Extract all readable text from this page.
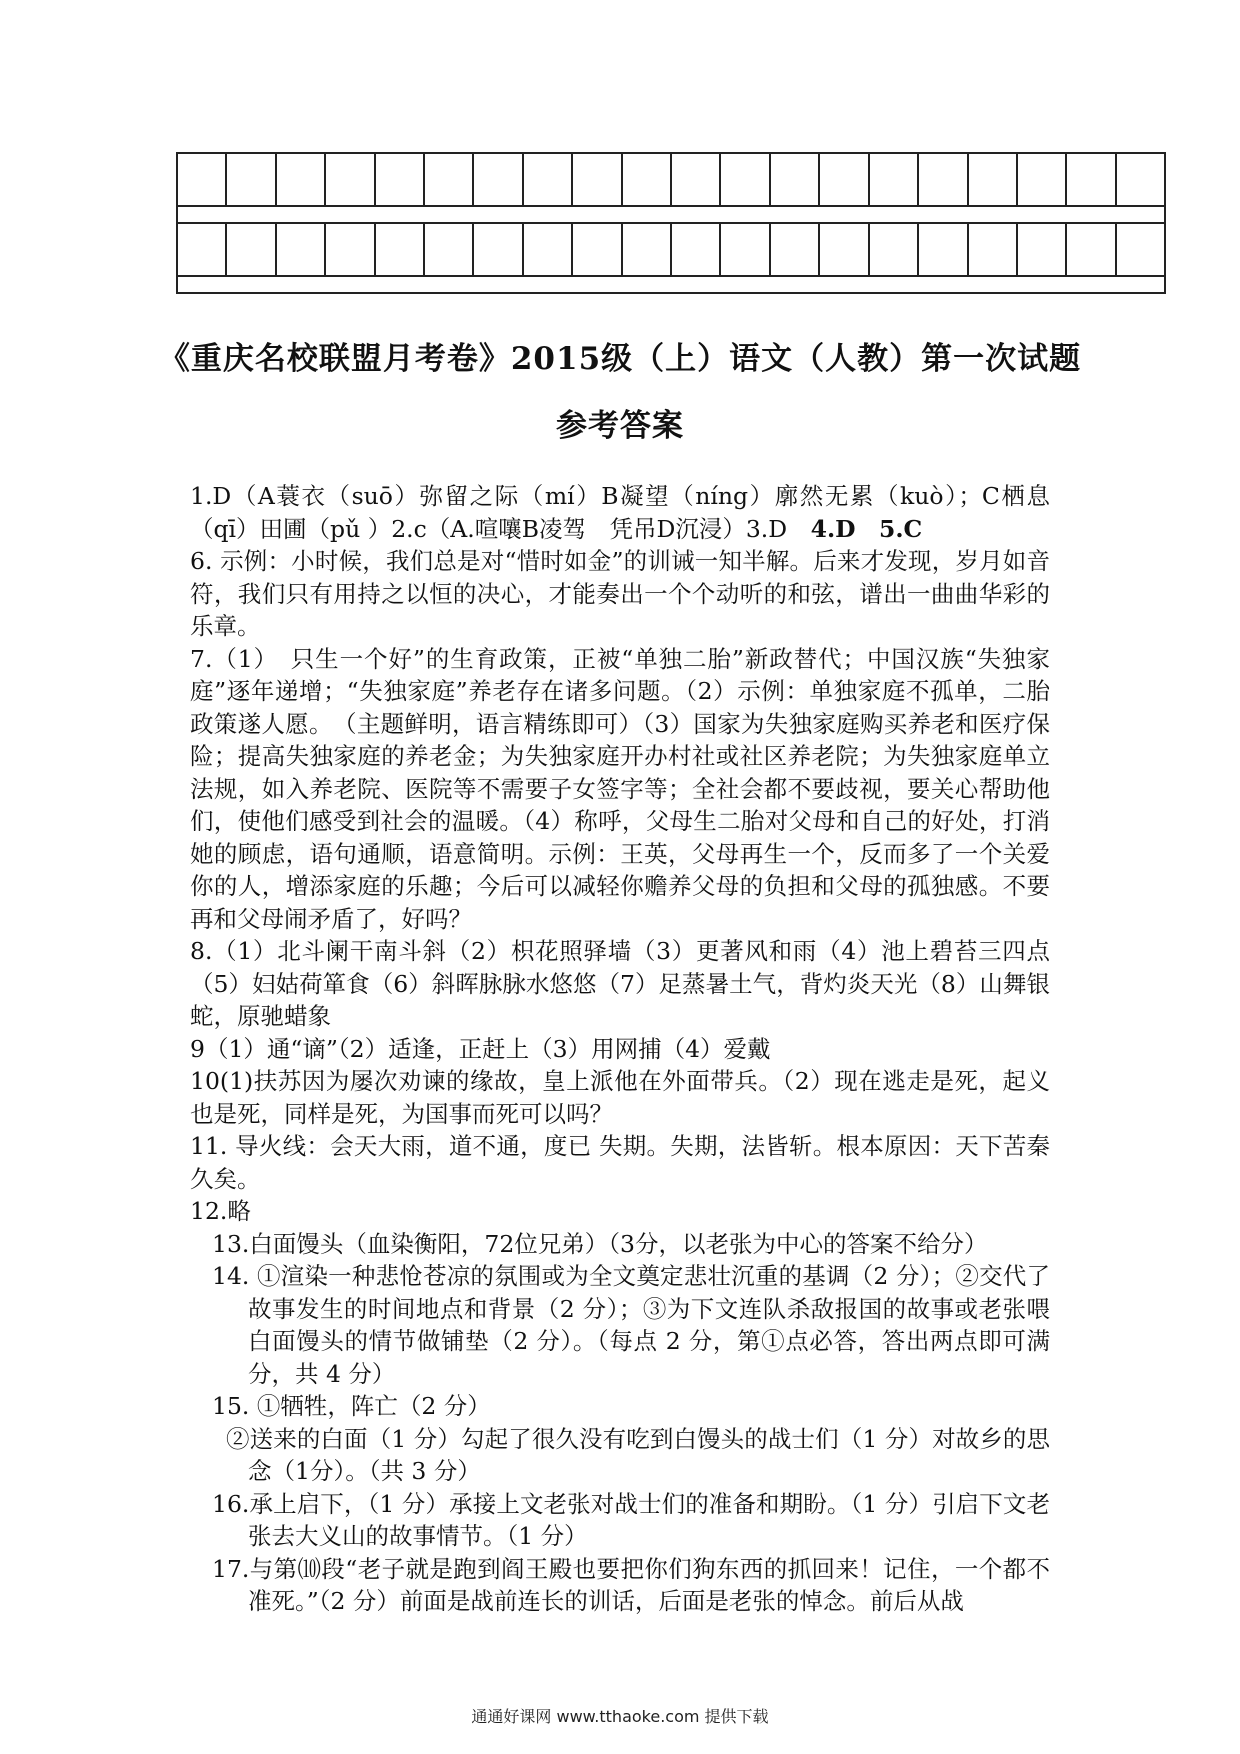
《重庆名校联盟月考卷》2015级（上）语文（人教）第一次试题
参考答案

1.D（A蓑衣（suō）弥留之际（mí）B凝望（níng）廓然无累（kuò）；C栖息（qī）田圃（pǔ ）2.c（A.喧嚷B凌驾　凭吊D沉浸）3.D　4.D　5.C

6. 示例：小时候，我们总是对“惜时如金”的训诫一知半解。后来才发现，岁月如音符，我们只有用持之以恒的决心，才能奏出一个个动听的和弦，谱出一曲曲华彩的乐章。

7.（1）　只生一个好”的生育政策，正被“单独二胎”新政替代；中国汉族“失独家庭”逐年递增；“失独家庭”养老存在诸多问题。（2）示例：单独家庭不孤单，二胎政策遂人愿。　（主题鲜明，语言精练即可）（3）国家为失独家庭购买养老和医疗保险；提高失独家庭的养老金；为失独家庭开办村社或社区养老院；为失独家庭单立法规，如入养老院、医院等不需要子女签字等；全社会都不要歧视，要关心帮助他们，使他们感受到社会的温暖。（4）称呼，父母生二胎对父母和自己的好处，打消她的顾虑，语句通顺，语意简明。示例：王英，父母再生一个，反而多了一个关爱你的人，增添家庭的乐趣；今后可以减轻你赡养父母的负担和父母的孤独感。不要再和父母闹矛盾了，好吗？

8.（1）北斗阑干南斗斜（2）枳花照驿墙（3）更著风和雨（4）池上碧苔三四点（5）妇姑荷箪食（6）斜晖脉脉水悠悠（7）足蒸暑土气，背灼炎天光（8）山舞银蛇，原驰蜡象

9（1）通“谪”（2）适逢，正赶上（3）用网捕（4）爱戴

10(1)扶苏因为屡次劝谏的缘故，皇上派他在外面带兵。（2）现在逃走是死，起义也是死，同样是死，为国事而死可以吗？

11. 导火线：会天大雨，道不通，度已 失期。失期，法皆斩。根本原因：天下苦秦久矣。

12.略

13.白面馒头（血染衡阳，72位兄弟）（3分，以老张为中心的答案不给分）

14. ①渲染一种悲怆苍凉的氛围或为全文奠定悲壮沉重的基调（2 分）；②交代了故事发生的时间地点和背景（2 分）；③为下文连队杀敌报国的故事或老张喂白面馒头的情节做铺垫（2 分）。（每点 2 分，第①点必答，答出两点即可满分，共 4 分）

15. ①牺牲，阵亡（2 分）

②送来的白面（1 分）勾起了很久没有吃到白馒头的战士们（1 分）对故乡的思念（1分）。（共 3 分）

16.承上启下，（1 分）承接上文老张对战士们的准备和期盼。（1 分）引启下文老张去大义山的故事情节。（1 分）

17.与第⑽段“老子就是跑到阎王殿也要把你们狗东西的抓回来！记住，一个都不准死。”（2 分）前面是战前连长的训话，后面是老张的悼念。前后从战

通通好课网 www.tthaoke.com 提供下载
